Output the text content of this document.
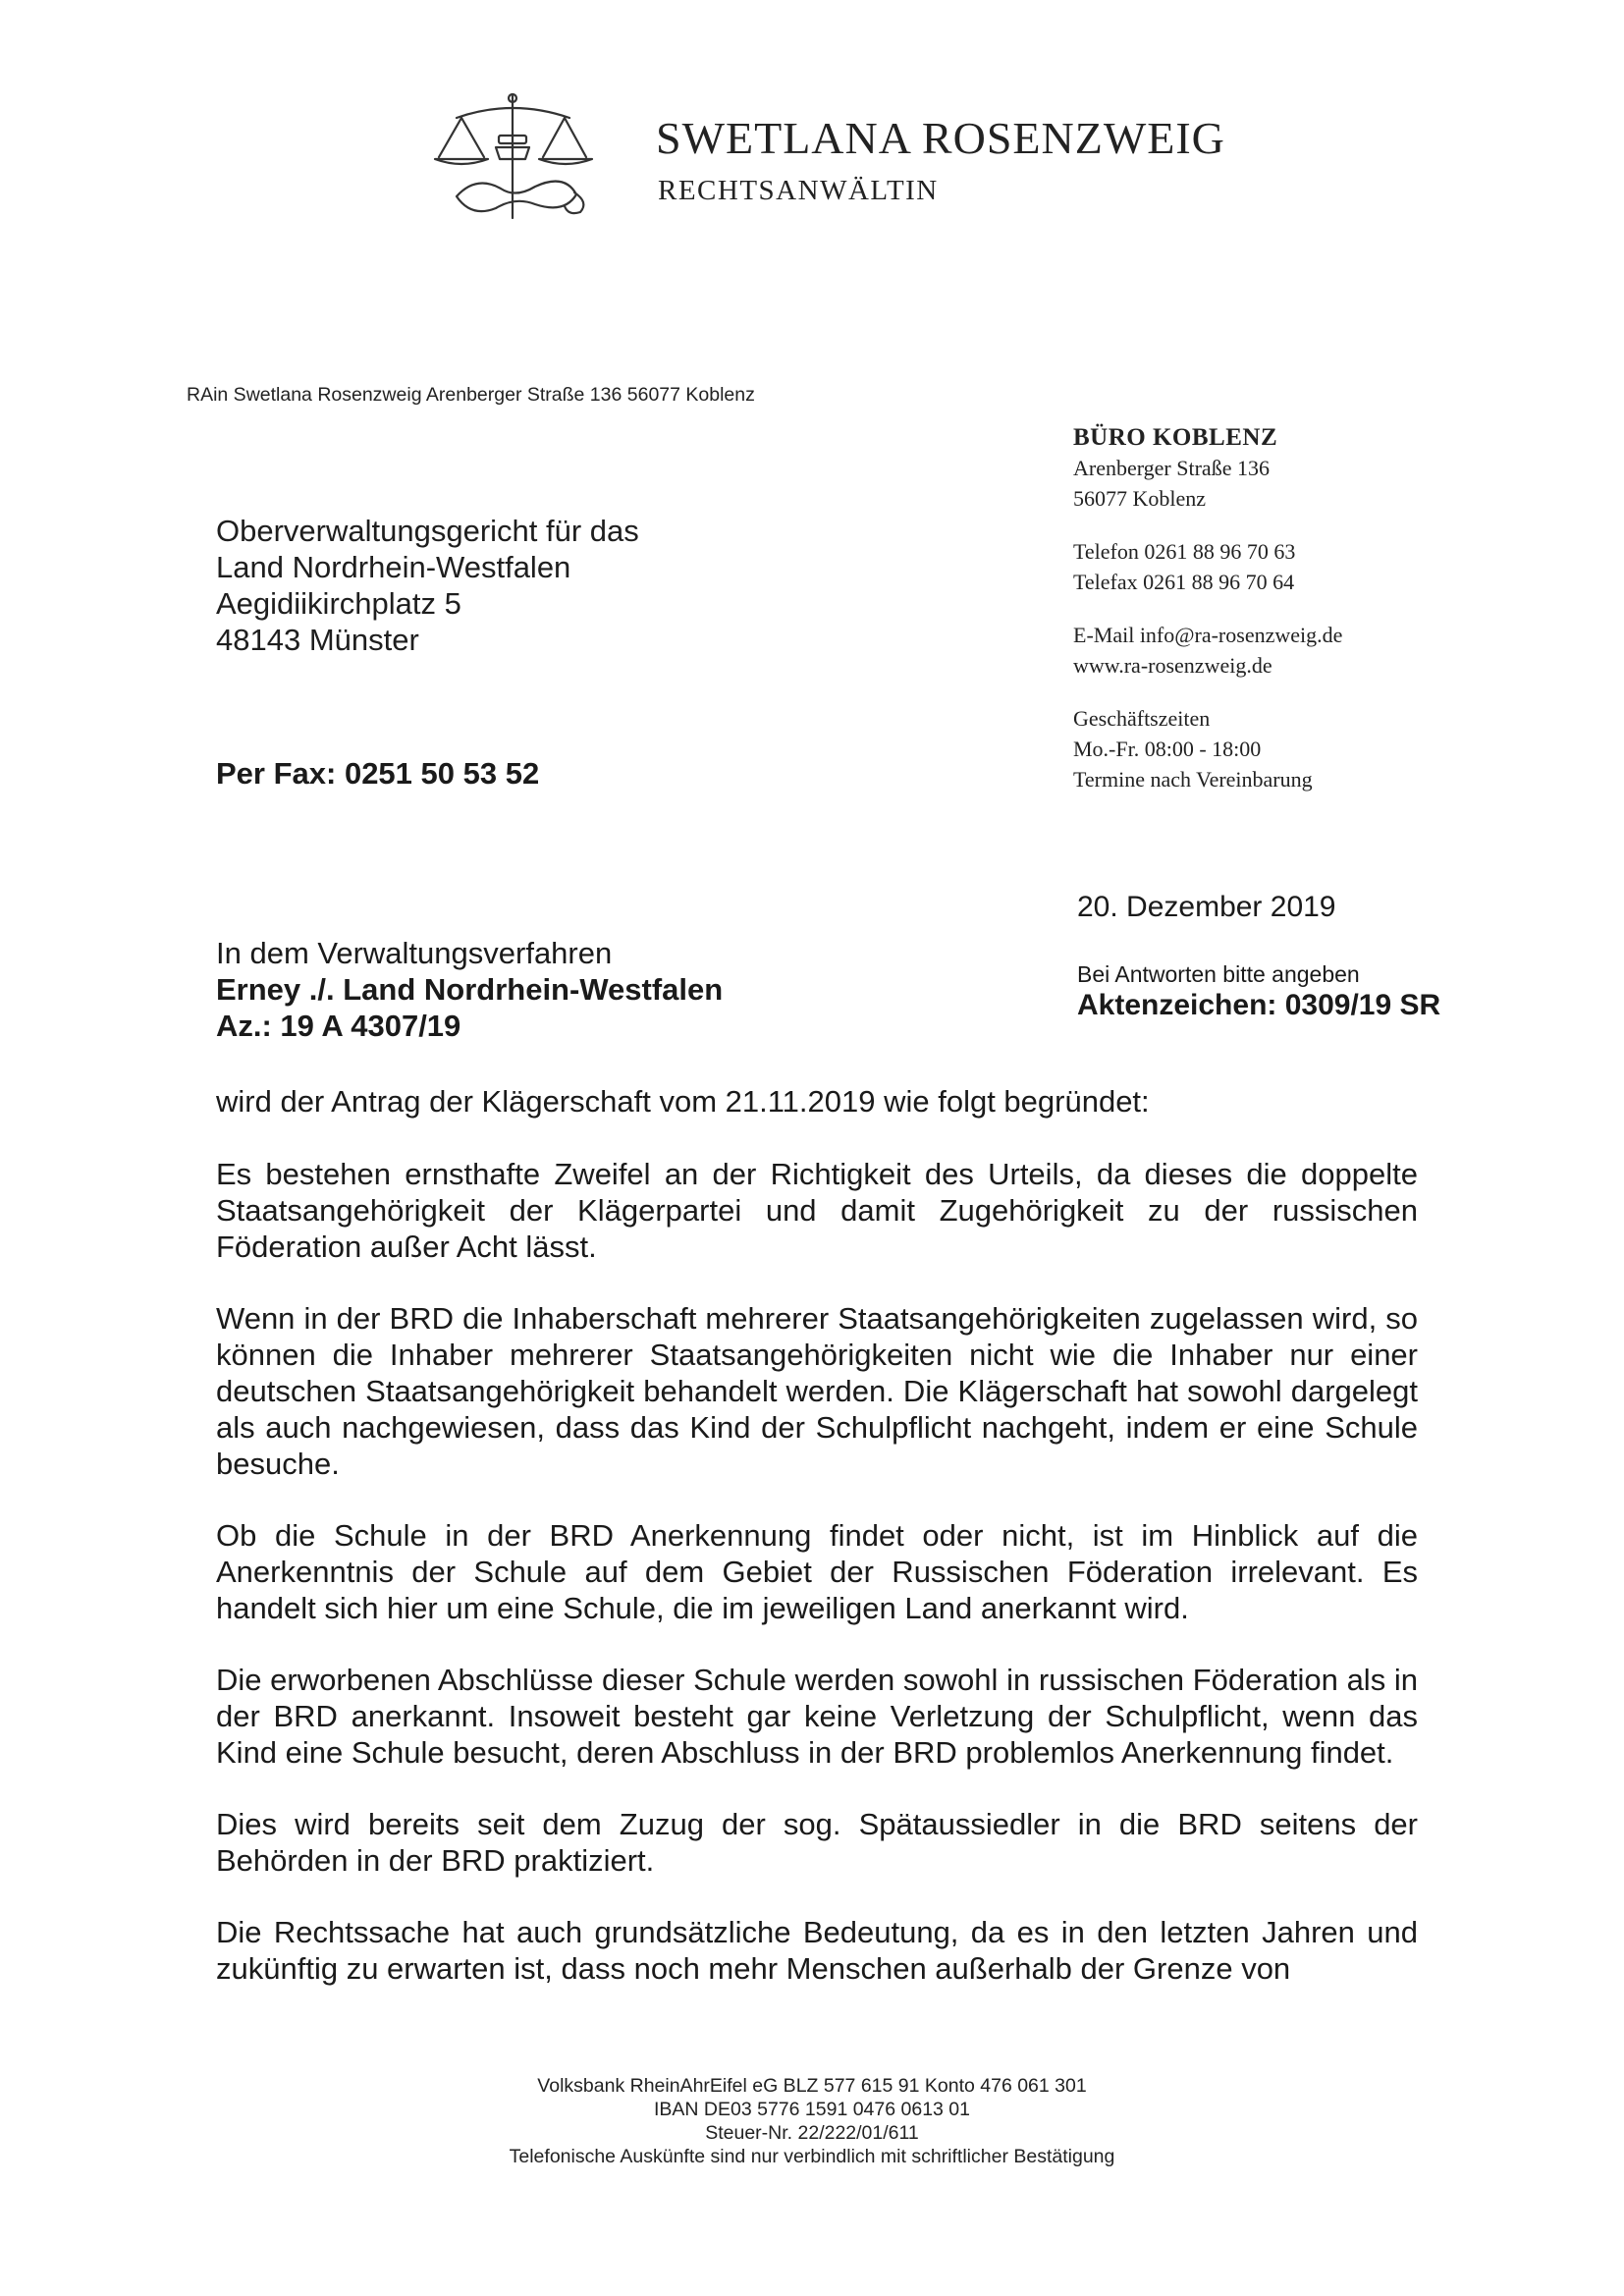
SWETLANA ROSENZWEIG
RECHTSANWÄLTIN
RAin Swetlana Rosenzweig Arenberger Straße 136 56077 Koblenz
Oberverwaltungsgericht für das
Land Nordrhein-Westfalen
Aegidiikirchplatz 5
48143 Münster
Per Fax: 0251 50 53 52
BÜRO KOBLENZ
Arenberger Straße 136
56077 Koblenz
Telefon 0261 88 96 70 63
Telefax 0261 88 96 70 64
E-Mail info@ra-rosenzweig.de
www.ra-rosenzweig.de
Geschäftszeiten
Mo.-Fr. 08:00 - 18:00
Termine nach Vereinbarung
20. Dezember 2019
Bei Antworten bitte angeben
Aktenzeichen: 0309/19 SR
In dem Verwaltungsverfahren
Erney ./. Land Nordrhein-Westfalen
Az.: 19 A 4307/19
wird der Antrag der Klägerschaft vom 21.11.2019 wie folgt begründet:

Es bestehen ernsthafte Zweifel an der Richtigkeit des Urteils, da dieses die doppelte Staatsangehörigkeit der Klägerpartei und damit Zugehörigkeit zu der russischen Föderation außer Acht lässt.

Wenn in der BRD die Inhaberschaft mehrerer Staatsangehörigkeiten zugelassen wird, so können die Inhaber mehrerer Staatsangehörigkeiten nicht wie die Inhaber nur einer deutschen Staatsangehörigkeit behandelt werden. Die Klägerschaft hat sowohl dargelegt als auch nachgewiesen, dass das Kind der Schulpflicht nachgeht, indem er eine Schule besuche.

Ob die Schule in der BRD Anerkennung findet oder nicht, ist im Hinblick auf die Anerkenntnis der Schule auf dem Gebiet der Russischen Föderation irrelevant. Es handelt sich hier um eine Schule, die im jeweiligen Land anerkannt wird.

Die erworbenen Abschlüsse dieser Schule werden sowohl in russischen Föderation als in der BRD anerkannt. Insoweit besteht gar keine Verletzung der Schulpflicht, wenn das Kind eine Schule besucht, deren Abschluss in der BRD problemlos Anerkennung findet.

Dies wird bereits seit dem Zuzug der sog. Spätaussiedler in die BRD seitens der Behörden in der BRD praktiziert.

Die Rechtssache hat auch grundsätzliche Bedeutung, da es in den letzten Jahren und zukünftig zu erwarten ist, dass noch mehr Menschen außerhalb der Grenze von

Volksbank RheinAhrEifel eG BLZ 577 615 91 Konto 476 061 301
IBAN DE03 5776 1591 0476 0613 01
Steuer-Nr. 22/222/01/611
Telefonische Auskünfte sind nur verbindlich mit schriftlicher Bestätigung
